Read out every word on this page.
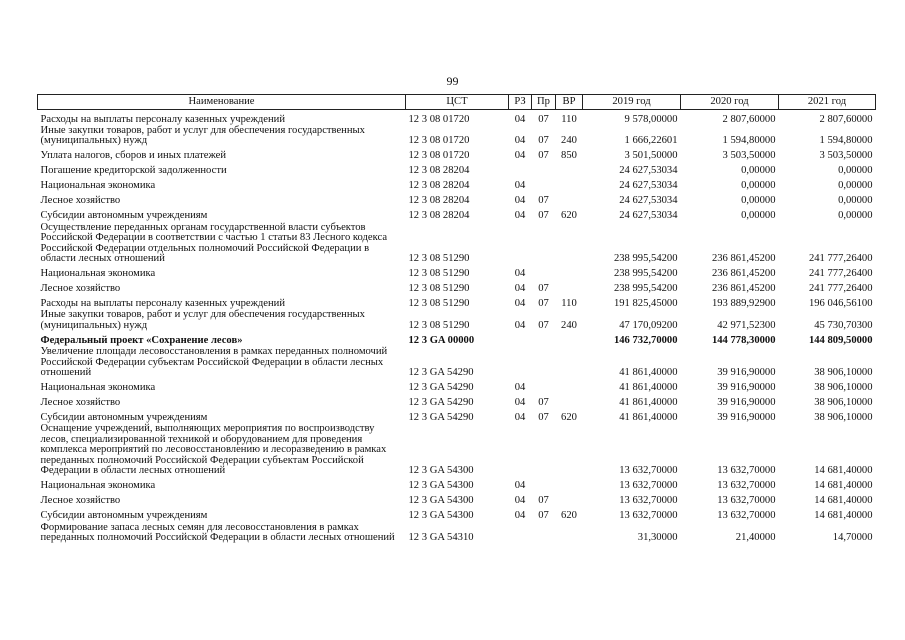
99
Наименование	ЦСТ	РЗ	Пр	ВР	2019 год	2020 год	2021 год
Расходы на выплаты персоналу казенных учреждений	12 3 08 01720	04	07	110	9 578,00000	2 807,60000	2 807,60000
Иные закупки товаров, работ и услуг для обеспечения государственных (муниципальных) нужд	12 3 08 01720	04	07	240	1 666,22601	1 594,80000	1 594,80000
Уплата налогов, сборов и иных платежей	12 3 08 01720	04	07	850	3 501,50000	3 503,50000	3 503,50000
Погашение кредиторской задолженности	12 3 08 28204				24 627,53034	0,00000	0,00000
Национальная экономика	12 3 08 28204	04			24 627,53034	0,00000	0,00000
Лесное хозяйство	12 3 08 28204	04	07		24 627,53034	0,00000	0,00000
Субсидии автономным учреждениям	12 3 08 28204	04	07	620	24 627,53034	0,00000	0,00000
Осуществление переданных органам государственной власти субъектов Российской Федерации в соответствии с частью 1 статьи 83 Лесного кодекса Российской Федерации отдельных полномочий Российской Федерации в области лесных отношений	12 3 08 51290				238 995,54200	236 861,45200	241 777,26400
Национальная экономика	12 3 08 51290	04			238 995,54200	236 861,45200	241 777,26400
Лесное хозяйство	12 3 08 51290	04	07		238 995,54200	236 861,45200	241 777,26400
Расходы на выплаты персоналу казенных учреждений	12 3 08 51290	04	07	110	191 825,45000	193 889,92900	196 046,56100
Иные закупки товаров, работ и услуг для обеспечения государственных (муниципальных) нужд	12 3 08 51290	04	07	240	47 170,09200	42 971,52300	45 730,70300
Федеральный проект «Сохранение лесов»	12 3 GA 00000				146 732,70000	144 778,30000	144 809,50000
Увеличение площади лесовосстановления в рамках переданных полномочий Российской Федерации субъектам Российской Федерации в области лесных отношений	12 3 GA 54290				41 861,40000	39 916,90000	38 906,10000
Национальная экономика	12 3 GA 54290	04			41 861,40000	39 916,90000	38 906,10000
Лесное хозяйство	12 3 GA 54290	04	07		41 861,40000	39 916,90000	38 906,10000
Субсидии автономным учреждениям	12 3 GA 54290	04	07	620	41 861,40000	39 916,90000	38 906,10000
Оснащение учреждений, выполняющих мероприятия по воспроизводству лесов, специализированной техникой и оборудованием для проведения комплекса мероприятий по лесовосстановлению и лесоразведению в рамках переданных полномочий Российской Федерации субъектам Российской Федерации в области лесных отношений	12 3 GA 54300				13 632,70000	13 632,70000	14 681,40000
Национальная экономика	12 3 GA 54300	04			13 632,70000	13 632,70000	14 681,40000
Лесное хозяйство	12 3 GA 54300	04	07		13 632,70000	13 632,70000	14 681,40000
Субсидии автономным учреждениям	12 3 GA 54300	04	07	620	13 632,70000	13 632,70000	14 681,40000
Формирование запаса лесных семян для лесовосстановления в рамках переданных полномочий Российской Федерации в области лесных отношений	12 3 GA 54310				31,30000	21,40000	14,70000
